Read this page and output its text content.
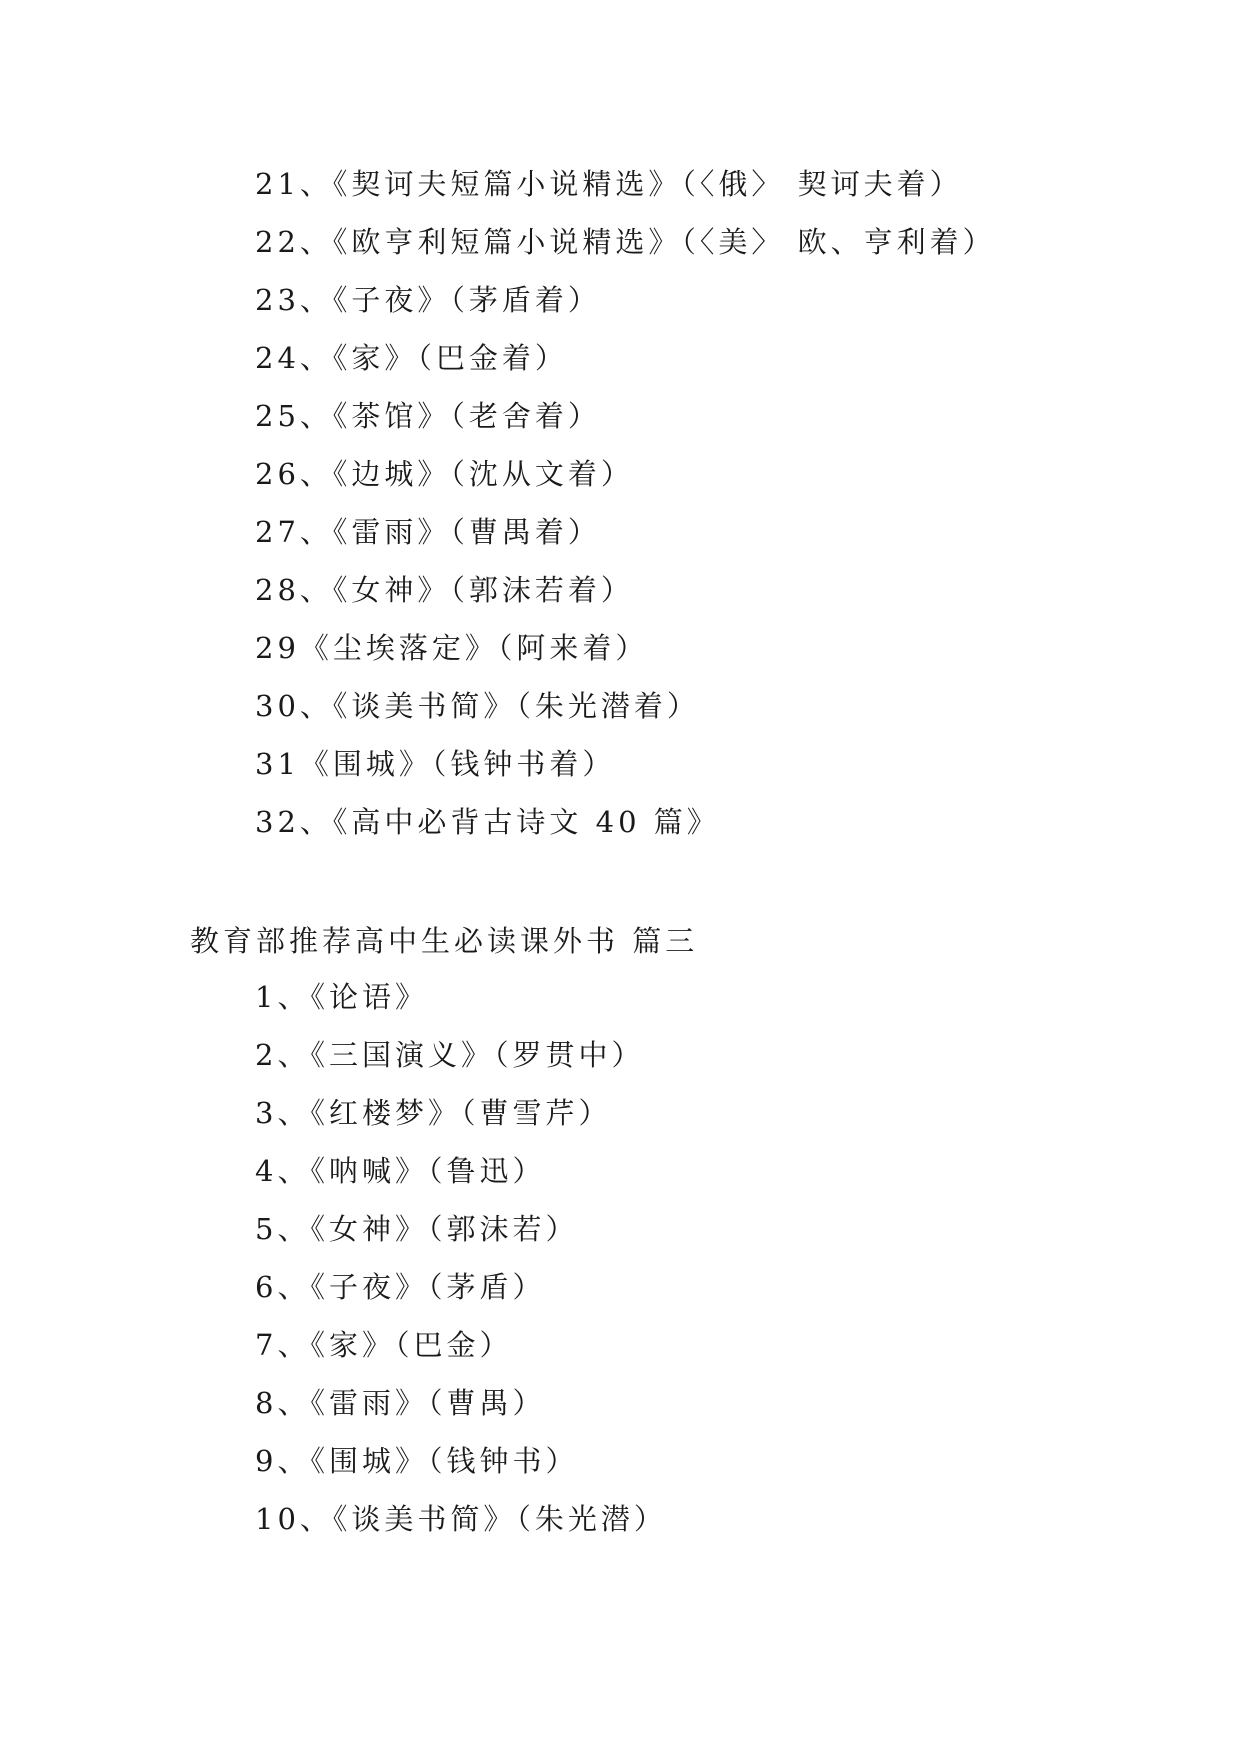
21、《契诃夫短篇小说精选》（〈俄〉 契诃夫着）
22、《欧亨利短篇小说精选》（〈美〉 欧、亨利着）
23、《子夜》（茅盾着）
24、《家》（巴金着）
25、《茶馆》（老舍着）
26、《边城》（沈从文着）
27、《雷雨》（曹禺着）
28、《女神》（郭沫若着）
29《尘埃落定》（阿来着）
30、《谈美书简》（朱光潜着）
31《围城》（钱钟书着）
32、《高中必背古诗文 40 篇》
教育部推荐高中生必读课外书 篇三
1、《论语》
2、《三国演义》（罗贯中）
3、《红楼梦》（曹雪芹）
4、《呐喊》（鲁迅）
5、《女神》（郭沫若）
6、《子夜》（茅盾）
7、《家》（巴金）
8、《雷雨》（曹禺）
9、《围城》（钱钟书）
10、《谈美书简》（朱光潜）
